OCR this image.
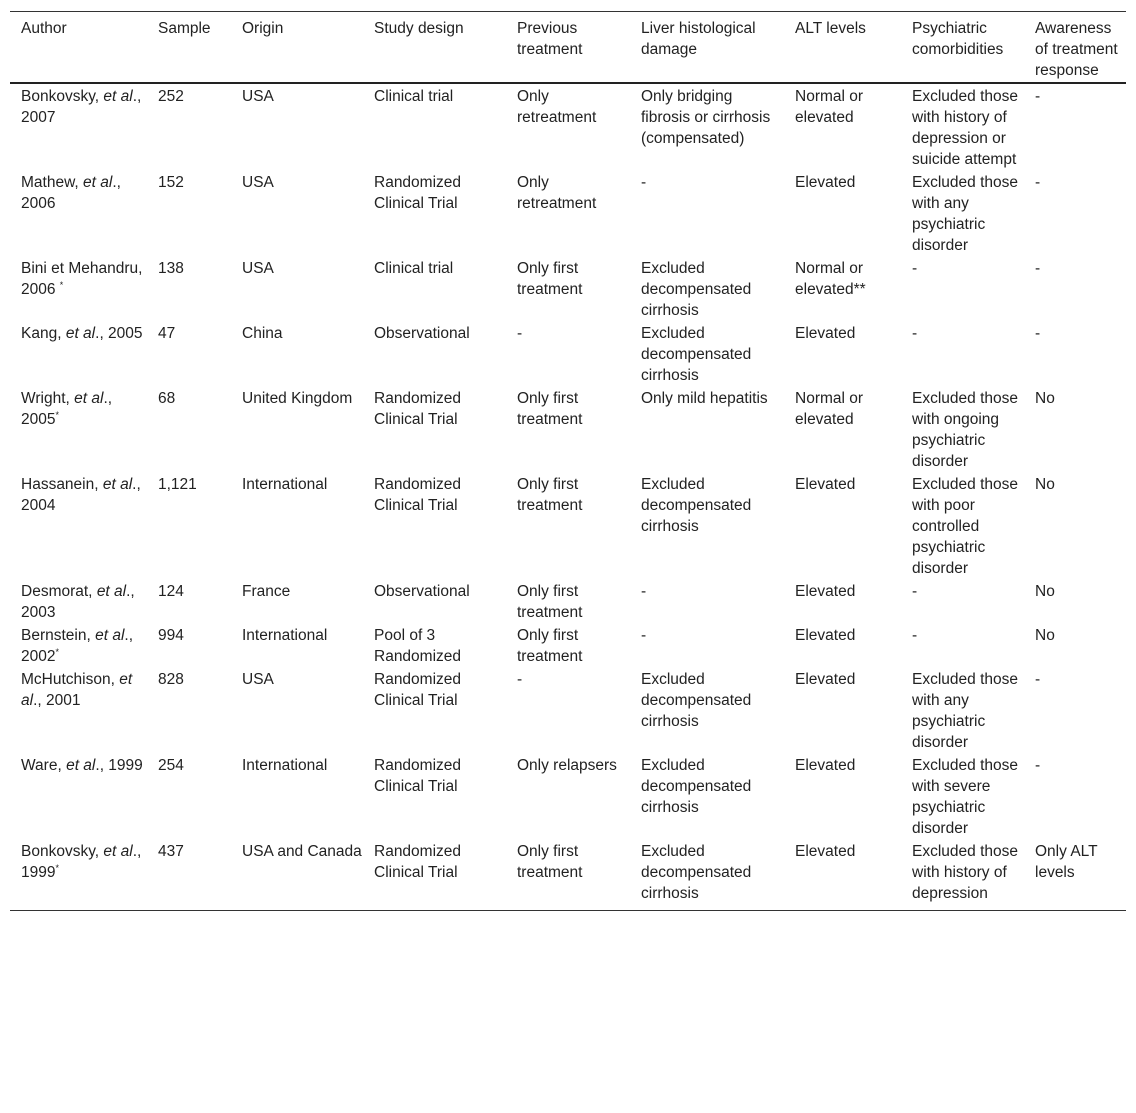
Author	Sample	Origin	Study design	Previous treatment	Liver histological damage	ALT levels	Psychiatric comorbidities	Awareness of treatment response
Bonkovsky, et al., 2007	252	USA	Clinical trial	Only retreatment	Only bridging fibrosis or cirrhosis (compensated)	Normal or elevated	Excluded those with history of depression or suicide attempt	-
Mathew, et al., 2006	152	USA	Randomized Clinical Trial	Only retreatment	-	Elevated	Excluded those with any psychiatric disorder	-
Bini et Mehandru, 2006 *	138	USA	Clinical trial	Only first treatment	Excluded decompensated cirrhosis	Normal or elevated**	-	-
Kang, et al., 2005	47	China	Observational	-	Excluded decompensated cirrhosis	Elevated	-	-
Wright, et al., 2005*	68	United Kingdom	Randomized Clinical Trial	Only first treatment	Only mild hepatitis	Normal or elevated	Excluded those with ongoing psychiatric disorder	No
Hassanein, et al., 2004	1,121	International	Randomized Clinical Trial	Only first treatment	Excluded decompensated cirrhosis	Elevated	Excluded those with poor controlled psychiatric disorder	No
Desmorat, et al., 2003	124	France	Observational	Only first treatment	-	Elevated	-	No
Bernstein, et al., 2002*	994	International	Pool of 3 Randomized	Only first treatment	-	Elevated	-	No
McHutchison, et al., 2001	828	USA	Randomized Clinical Trial	-	Excluded decompensated cirrhosis	Elevated	Excluded those with any psychiatric disorder	-
Ware, et al., 1999	254	International	Randomized Clinical Trial	Only relapsers	Excluded decompensated cirrhosis	Elevated	Excluded those with severe psychiatric disorder	-
Bonkovsky, et al., 1999*	437	USA and Canada	Randomized Clinical Trial	Only first treatment	Excluded decompensated cirrhosis	Elevated	Excluded those with history of depression	Only ALT levels
